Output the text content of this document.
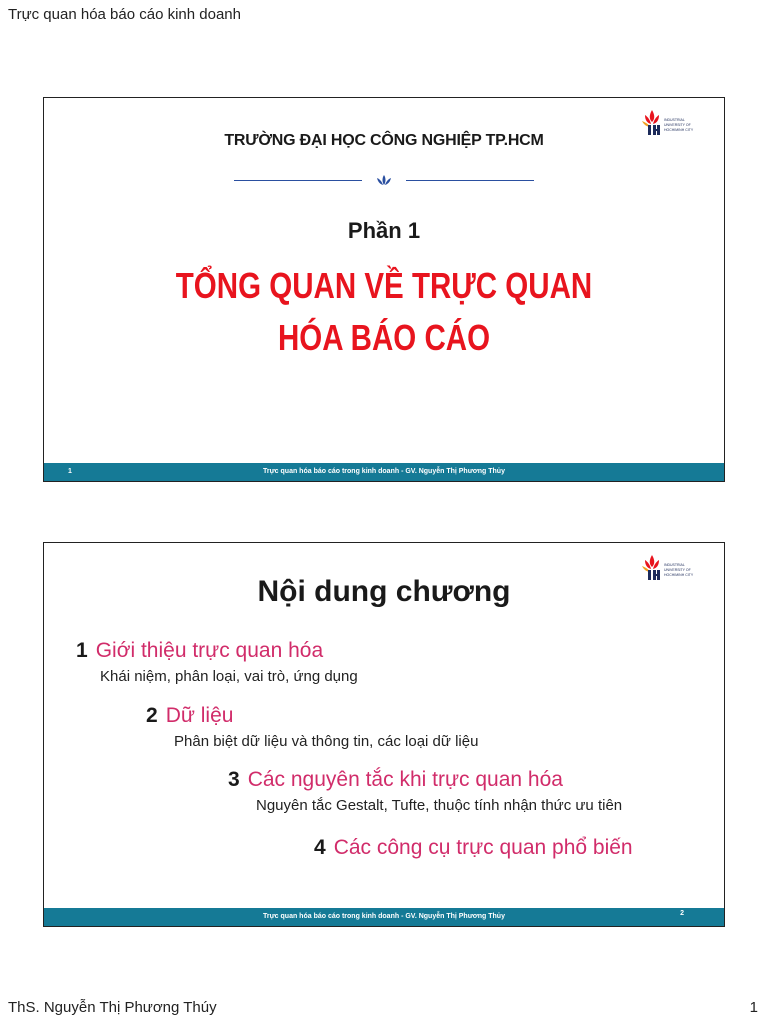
Trực quan hóa báo cáo kinh doanh
INDUSTRIAL
UNIVERSITY OF
HOCHIMINH CITY
TRƯỜNG ĐẠI HỌC CÔNG NGHIỆP TP.HCM
Phần 1
TỔNG QUAN VỀ TRỰC QUAN
HÓA BÁO CÁO
1	Trực quan hóa báo cáo trong kinh doanh - GV. Nguyễn Thị Phương Thủy
INDUSTRIAL
UNIVERSITY OF
HOCHIMINH CITY
Nội dung chương
1 Giới thiệu trực quan hóa
Khái niệm, phân loại, vai trò, ứng dụng
2 Dữ liệu
Phân biệt dữ liệu và thông tin, các loại dữ liệu
3 Các nguyên tắc khi trực quan hóa
Nguyên tắc Gestalt, Tufte, thuộc tính nhận thức ưu tiên
4 Các công cụ trực quan phổ biến
Trực quan hóa báo cáo trong kinh doanh - GV. Nguyễn Thị Phương Thủy	2
ThS. Nguyễn Thị Phương Thúy	1
